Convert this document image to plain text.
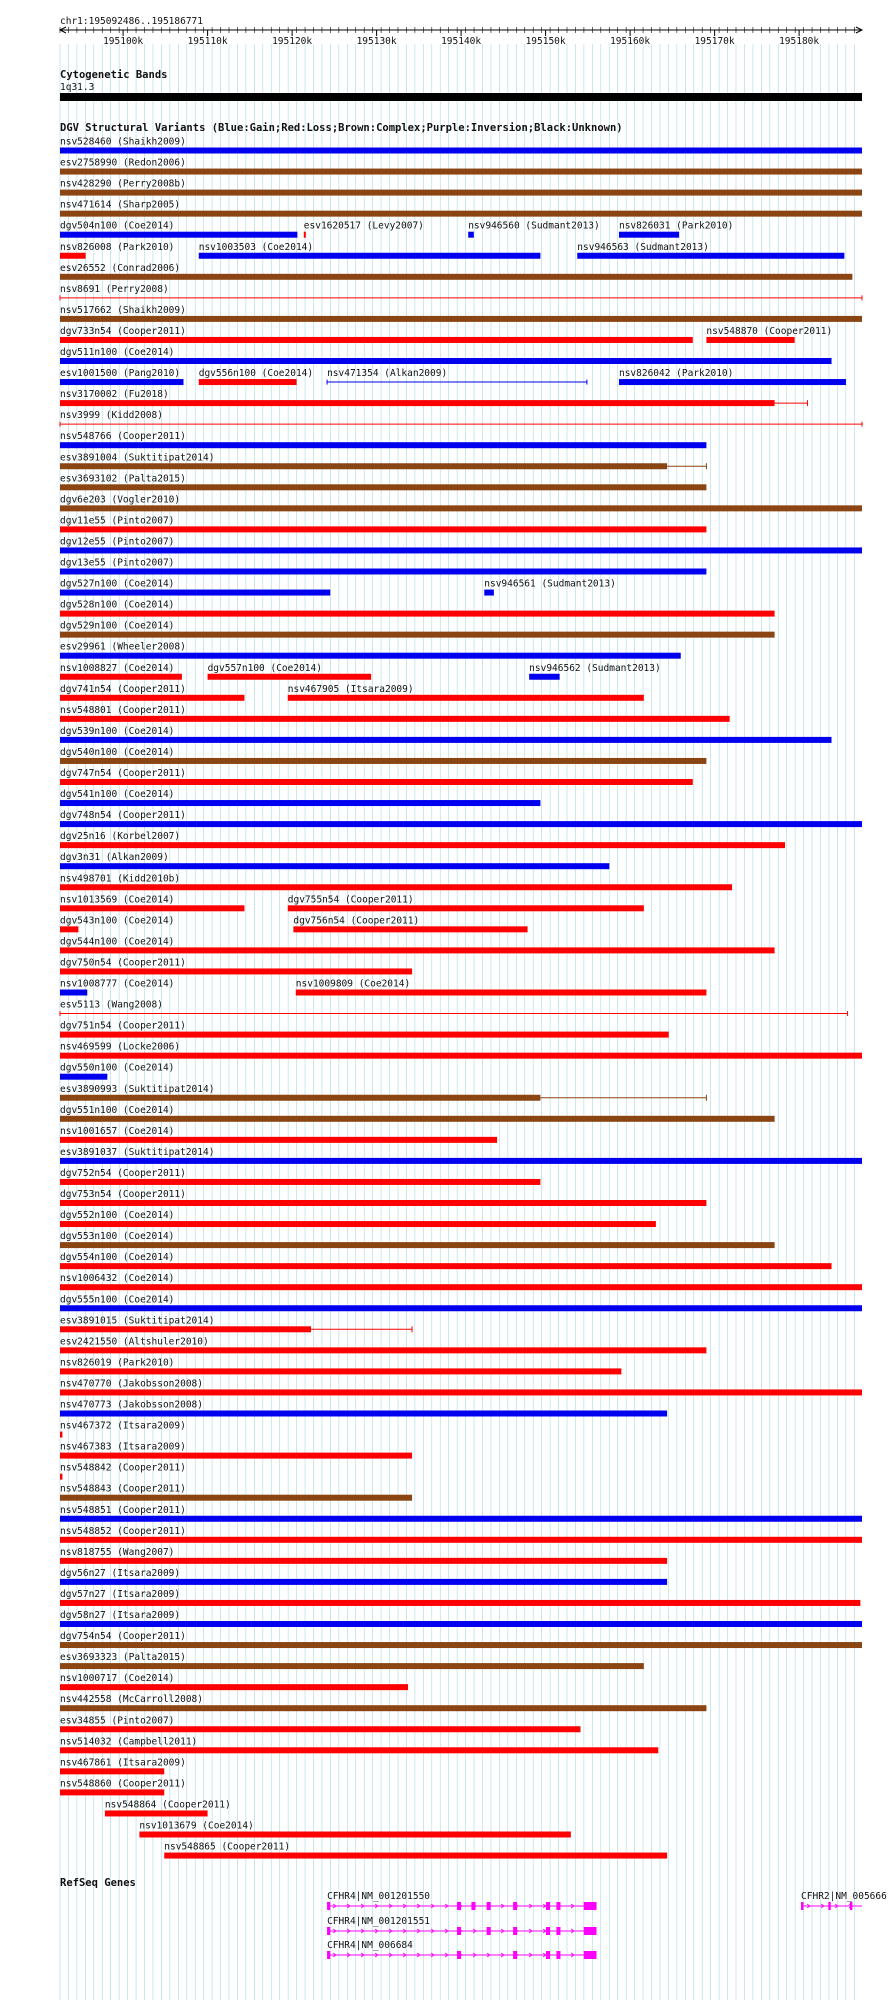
chr1:195092486..195186771
195100k	195110k	195120k	195130k	195140k	195150k	195160k	195170k	195180k
Cytogenetic Bands
1q31.3
DGV Structural Variants (Blue:Gain;Red:Loss;Brown:Complex;Purple:Inversion;Black:Unknown)
nsv528460 (Shaikh2009)
esv2758990 (Redon2006)
nsv428290 (Perry2008b)
nsv471614 (Sharp2005)
dgv504n100 (Coe2014)	esv1620517 (Levy2007)	nsv946560 (Sudmant2013) nsv826031 (Park2010)
nsv826008 (Park2010)	nsv1003503 (Coe2014)	nsv946563 (Sudmant2013)
esv26552 (Conrad2006)
nsv8691 (Perry2008)
nsv517662 (Shaikh2009)
dgv733n54 (Cooper2011)	nsv548870 (Cooper2011)
dgv511n100 (Coe2014)
esv1001500 (Pang2010) dgv556n100 (Coe2014) nsv471354 (Alkan2009)	nsv826042 (Park2010)
nsv3170002 (Fu2018)
nsv3999 (Kidd2008)
nsv548766 (Cooper2011)
esv3891004 (Suktitipat2014)
esv3693102 (Palta2015)
dgv6e203 (Vogler2010)
dgv11e55 (Pinto2007)
dgv12e55 (Pinto2007)
dgv13e55 (Pinto2007)
dgv527n100 (Coe2014)	nsv946561 (Sudmant2013)
dgv528n100 (Coe2014)
dgv529n100 (Coe2014)
esv29961 (Wheeler2008)
nsv1008827 (Coe2014)	dgv557n100 (Coe2014)	nsv946562 (Sudmant2013)
dgv741n54 (Cooper2011)	nsv467905 (Itsara2009)
nsv548801 (Cooper2011)
dgv539n100 (Coe2014)
dgv540n100 (Coe2014)
dgv747n54 (Cooper2011)
dgv541n100 (Coe2014)
dgv748n54 (Cooper2011)
dgv25n16 (Korbel2007)
dgv3n31 (Alkan2009)
nsv498701 (Kidd2010b)
nsv1013569 (Coe2014)	dgv755n54 (Cooper2011)
dgv543n100 (Coe2014)	dgv756n54 (Cooper2011)
dgv544n100 (Coe2014)
dgv750n54 (Cooper2011)
nsv1008777 (Coe2014)	nsv1009809 (Coe2014)
esv5113 (Wang2008)
dgv751n54 (Cooper2011)
nsv469599 (Locke2006)
dgv550n100 (Coe2014)
esv3890993 (Suktitipat2014)
dgv551n100 (Coe2014)
nsv1001657 (Coe2014)
esv3891037 (Suktitipat2014)
dgv752n54 (Cooper2011)
dgv753n54 (Cooper2011)
dgv552n100 (Coe2014)
dgv553n100 (Coe2014)
dgv554n100 (Coe2014)
nsv1006432 (Coe2014)
dgv555n100 (Coe2014)
esv3891015 (Suktitipat2014)
esv2421550 (Altshuler2010)
nsv826019 (Park2010)
nsv470770 (Jakobsson2008)
nsv470773 (Jakobsson2008)
nsv467372 (Itsara2009)
nsv467383 (Itsara2009)
nsv548842 (Cooper2011)
nsv548843 (Cooper2011)
nsv548851 (Cooper2011)
nsv548852 (Cooper2011)
nsv818755 (Wang2007)
dgv56n27 (Itsara2009)
dgv57n27 (Itsara2009)
dgv58n27 (Itsara2009)
dgv754n54 (Cooper2011)
esv3693323 (Palta2015)
nsv1000717 (Coe2014)
nsv442558 (McCarroll2008)
esv34855 (Pinto2007)
nsv514032 (Campbell2011)
nsv467861 (Itsara2009)
nsv548860 (Cooper2011)
nsv548864 (Cooper2011)
nsv1013679 (Coe2014)
nsv548865 (Cooper2011)
RefSeq Genes
CFHR4|NM_001201550
CFHR4|NM_001201551
CFHR4|NM_006684
CFHR2|NM_005666
